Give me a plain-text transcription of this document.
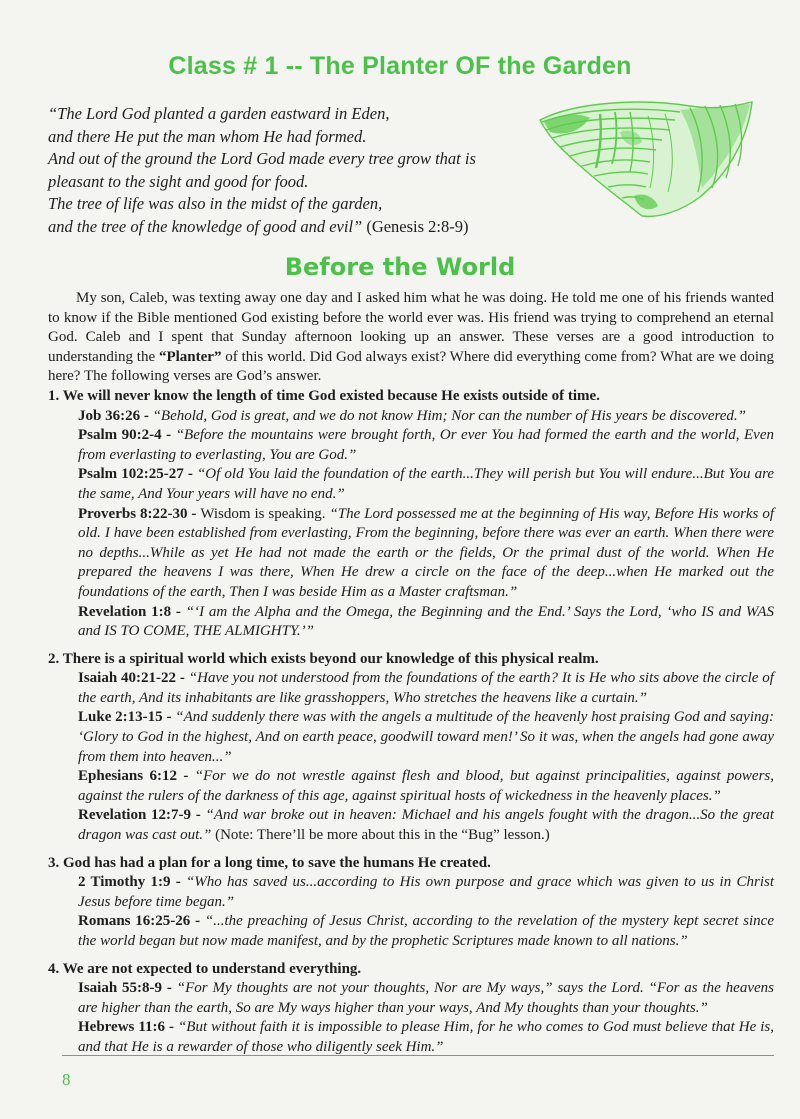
Class # 1 -- The Planter OF the Garden
“The Lord God planted a garden eastward in Eden,
and there He put the man whom He had formed.
And out of the ground the Lord God made every tree grow that is
pleasant to the sight and good for food.
The tree of life was also in the midst of the garden,
and the tree of the knowledge of good and evil” (Genesis 2:8-9)
Before the World

My son, Caleb, was texting away one day and I asked him what he was doing. He told me one of his friends wanted to know if the Bible mentioned God existing before the world ever was. His friend was trying to comprehend an eternal God. Caleb and I spent that Sunday afternoon looking up an answer. These verses are a good introduction to understanding the “Planter” of this world. Did God always exist? Where did everything come from? What are we doing here? The following verses are God’s answer.

1. We will never know the length of time God existed because He exists outside of time.

Job 36:26 - “Behold, God is great, and we do not know Him; Nor can the number of His years be discovered.”

Psalm 90:2-4 - “Before the mountains were brought forth, Or ever You had formed the earth and the world, Even from everlasting to everlasting, You are God.”

Psalm 102:25-27 - “Of old You laid the foundation of the earth...They will perish but You will endure...But You are the same, And Your years will have no end.”

Proverbs 8:22-30 - Wisdom is speaking. “The Lord possessed me at the beginning of His way, Before His works of old. I have been established from everlasting, From the beginning, before there was ever an earth. When there were no depths...While as yet He had not made the earth or the fields, Or the primal dust of the world. When He prepared the heavens I was there, When He drew a circle on the face of the deep...when He marked out the foundations of the earth, Then I was beside Him as a Master craftsman.”

Revelation 1:8 - “‘I am the Alpha and the Omega, the Beginning and the End.’ Says the Lord, ‘who IS and WAS and IS TO COME, THE ALMIGHTY.’”

2. There is a spiritual world which exists beyond our knowledge of this physical realm.

Isaiah 40:21-22 - “Have you not understood from the foundations of the earth? It is He who sits above the circle of the earth, And its inhabitants are like grasshoppers, Who stretches the heavens like a curtain.”

Luke 2:13-15 - “And suddenly there was with the angels a multitude of the heavenly host praising God and saying: ‘Glory to God in the highest, And on earth peace, goodwill toward men!’ So it was, when the angels had gone away from them into heaven...”

Ephesians 6:12 - “For we do not wrestle against flesh and blood, but against principalities, against powers, against the rulers of the darkness of this age, against spiritual hosts of wickedness in the heavenly places.”

Revelation 12:7-9 - “And war broke out in heaven: Michael and his angels fought with the dragon...So the great dragon was cast out.” (Note: There’ll be more about this in the “Bug” lesson.)

3. God has had a plan for a long time, to save the humans He created.

2 Timothy 1:9 - “Who has saved us...according to His own purpose and grace which was given to us in Christ Jesus before time began.”

Romans 16:25-26 - “...the preaching of Jesus Christ, according to the revelation of the mystery kept secret since the world began but now made manifest, and by the prophetic Scriptures made known to all nations.”

4. We are not expected to understand everything.

Isaiah 55:8-9 - “For My thoughts are not your thoughts, Nor are My ways,” says the Lord. “For as the heavens are higher than the earth, So are My ways higher than your ways, And My thoughts than your thoughts.”

Hebrews 11:6 - “But without faith it is impossible to please Him, for he who comes to God must believe that He is, and that He is a rewarder of those who diligently seek Him.”

8
